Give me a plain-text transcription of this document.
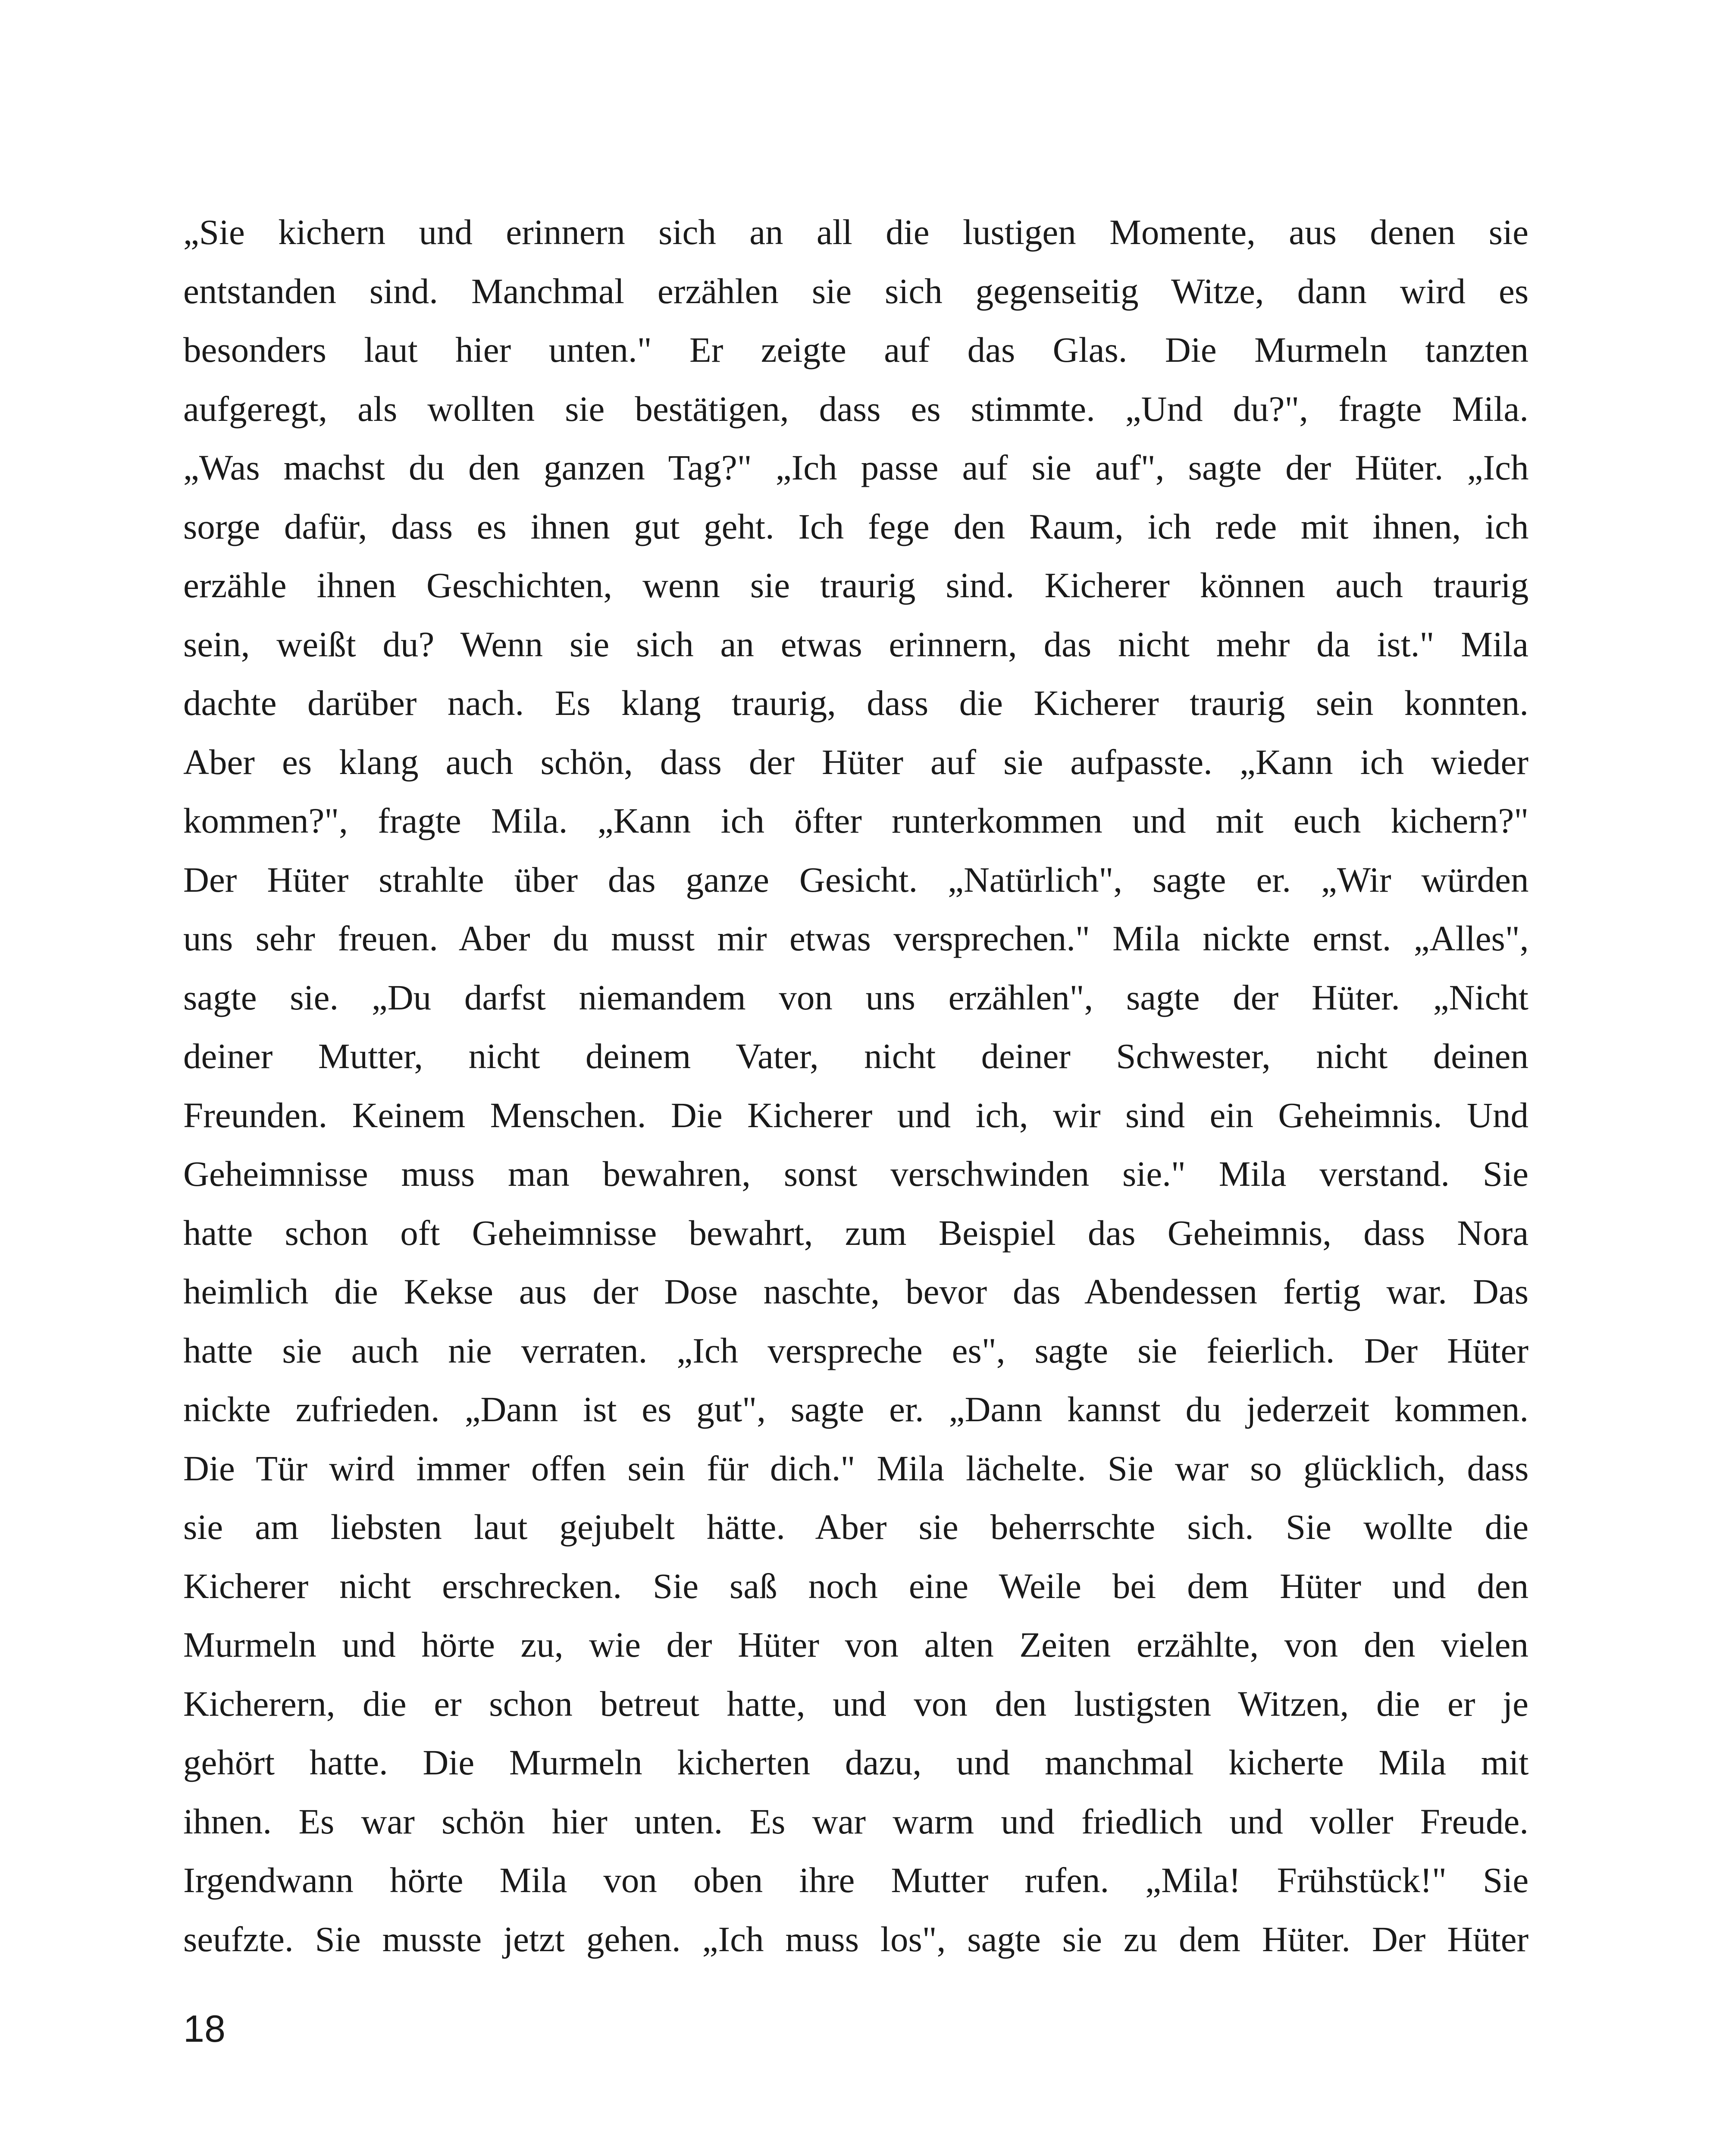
„Sie kichern und erinnern sich an all die lustigen Momente, aus denen sie
entstanden sind. Manchmal erzählen sie sich gegenseitig Witze, dann wird es
besonders laut hier unten." Er zeigte auf das Glas. Die Murmeln tanzten
aufgeregt, als wollten sie bestätigen, dass es stimmte. „Und du?", fragte Mila.
„Was machst du den ganzen Tag?" „Ich passe auf sie auf", sagte der Hüter. „Ich
sorge dafür, dass es ihnen gut geht. Ich fege den Raum, ich rede mit ihnen, ich
erzähle ihnen Geschichten, wenn sie traurig sind. Kicherer können auch traurig
sein, weißt du? Wenn sie sich an etwas erinnern, das nicht mehr da ist." Mila
dachte darüber nach. Es klang traurig, dass die Kicherer traurig sein konnten.
Aber es klang auch schön, dass der Hüter auf sie aufpasste. „Kann ich wieder
kommen?", fragte Mila. „Kann ich öfter runterkommen und mit euch kichern?"
Der Hüter strahlte über das ganze Gesicht. „Natürlich", sagte er. „Wir würden
uns sehr freuen. Aber du musst mir etwas versprechen." Mila nickte ernst. „Alles",
sagte sie. „Du darfst niemandem von uns erzählen", sagte der Hüter. „Nicht
deiner Mutter, nicht deinem Vater, nicht deiner Schwester, nicht deinen
Freunden. Keinem Menschen. Die Kicherer und ich, wir sind ein Geheimnis. Und
Geheimnisse muss man bewahren, sonst verschwinden sie." Mila verstand. Sie
hatte schon oft Geheimnisse bewahrt, zum Beispiel das Geheimnis, dass Nora
heimlich die Kekse aus der Dose naschte, bevor das Abendessen fertig war. Das
hatte sie auch nie verraten. „Ich verspreche es", sagte sie feierlich. Der Hüter
nickte zufrieden. „Dann ist es gut", sagte er. „Dann kannst du jederzeit kommen.
Die Tür wird immer offen sein für dich." Mila lächelte. Sie war so glücklich, dass
sie am liebsten laut gejubelt hätte. Aber sie beherrschte sich. Sie wollte die
Kicherer nicht erschrecken. Sie saß noch eine Weile bei dem Hüter und den
Murmeln und hörte zu, wie der Hüter von alten Zeiten erzählte, von den vielen
Kicherern, die er schon betreut hatte, und von den lustigsten Witzen, die er je
gehört hatte. Die Murmeln kicherten dazu, und manchmal kicherte Mila mit
ihnen. Es war schön hier unten. Es war warm und friedlich und voller Freude.
Irgendwann hörte Mila von oben ihre Mutter rufen. „Mila! Frühstück!" Sie
seufzte. Sie musste jetzt gehen. „Ich muss los", sagte sie zu dem Hüter. Der Hüter
18
